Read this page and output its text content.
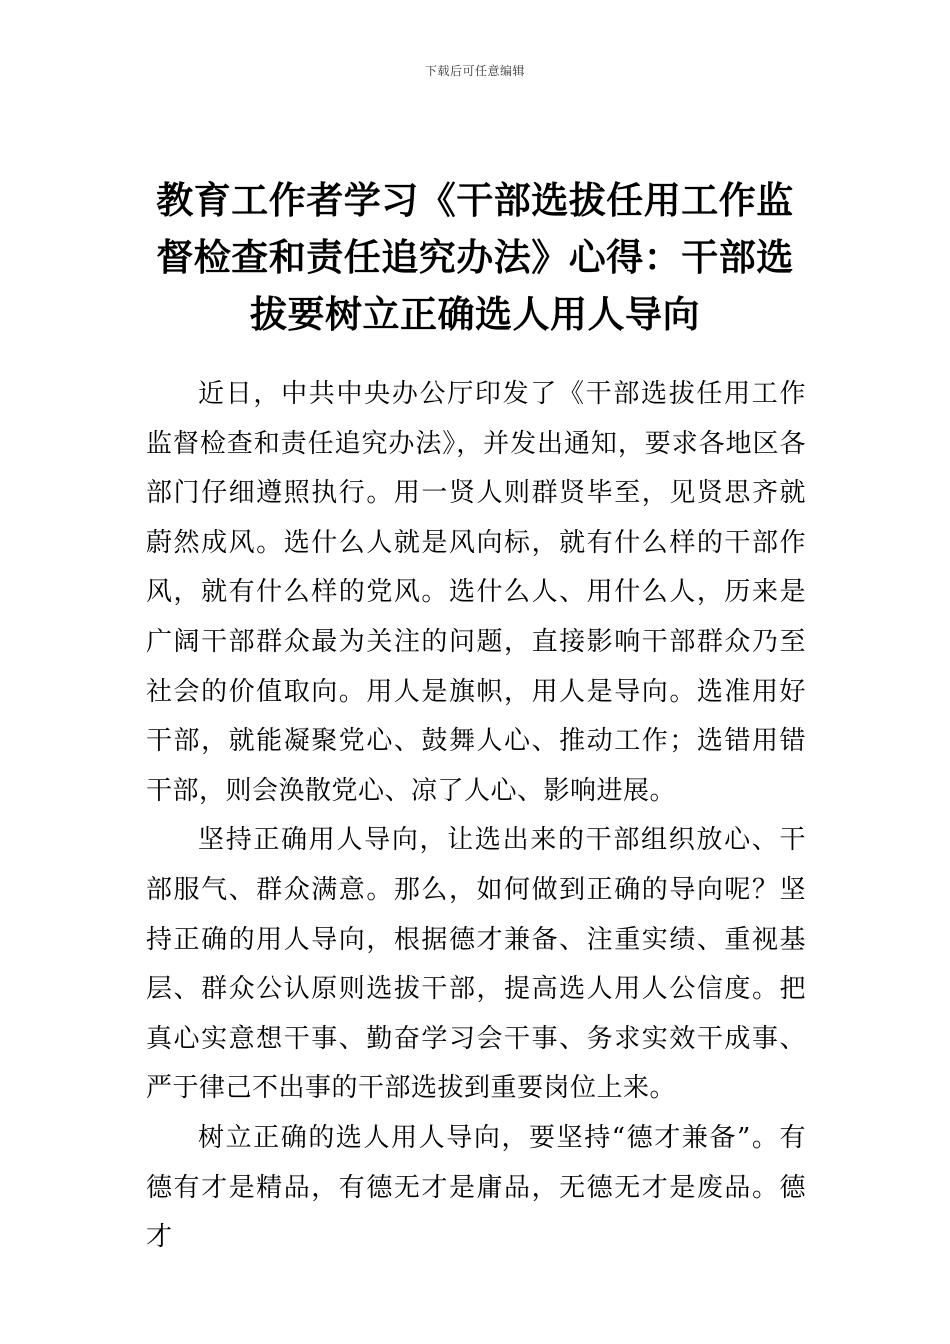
下载后可任意编辑
教育工作者学习《干部选拔任用工作监督检查和责任追究办法》心得：干部选拔要树立正确选人用人导向

近日，中共中央办公厅印发了《干部选拔任用工作监督检查和责任追究办法》，并发出通知，要求各地区各部门仔细遵照执行。用一贤人则群贤毕至，见贤思齐就蔚然成风。选什么人就是风向标，就有什么样的干部作风，就有什么样的党风。选什么人、用什么人，历来是广阔干部群众最为关注的问题，直接影响干部群众乃至社会的价值取向。用人是旗帜，用人是导向。选准用好干部，就能凝聚党心、鼓舞人心、推动工作；选错用错干部，则会涣散党心、凉了人心、影响进展。

坚持正确用人导向，让选出来的干部组织放心、干部服气、群众满意。那么，如何做到正确的导向呢？坚持正确的用人导向，根据德才兼备、注重实绩、重视基层、群众公认原则选拔干部，提高选人用人公信度。把真心实意想干事、勤奋学习会干事、务求实效干成事、严于律己不出事的干部选拔到重要岗位上来。

树立正确的选人用人导向，要坚持“德才兼备”。有德有才是精品，有德无才是庸品，无德无才是废品。德才
